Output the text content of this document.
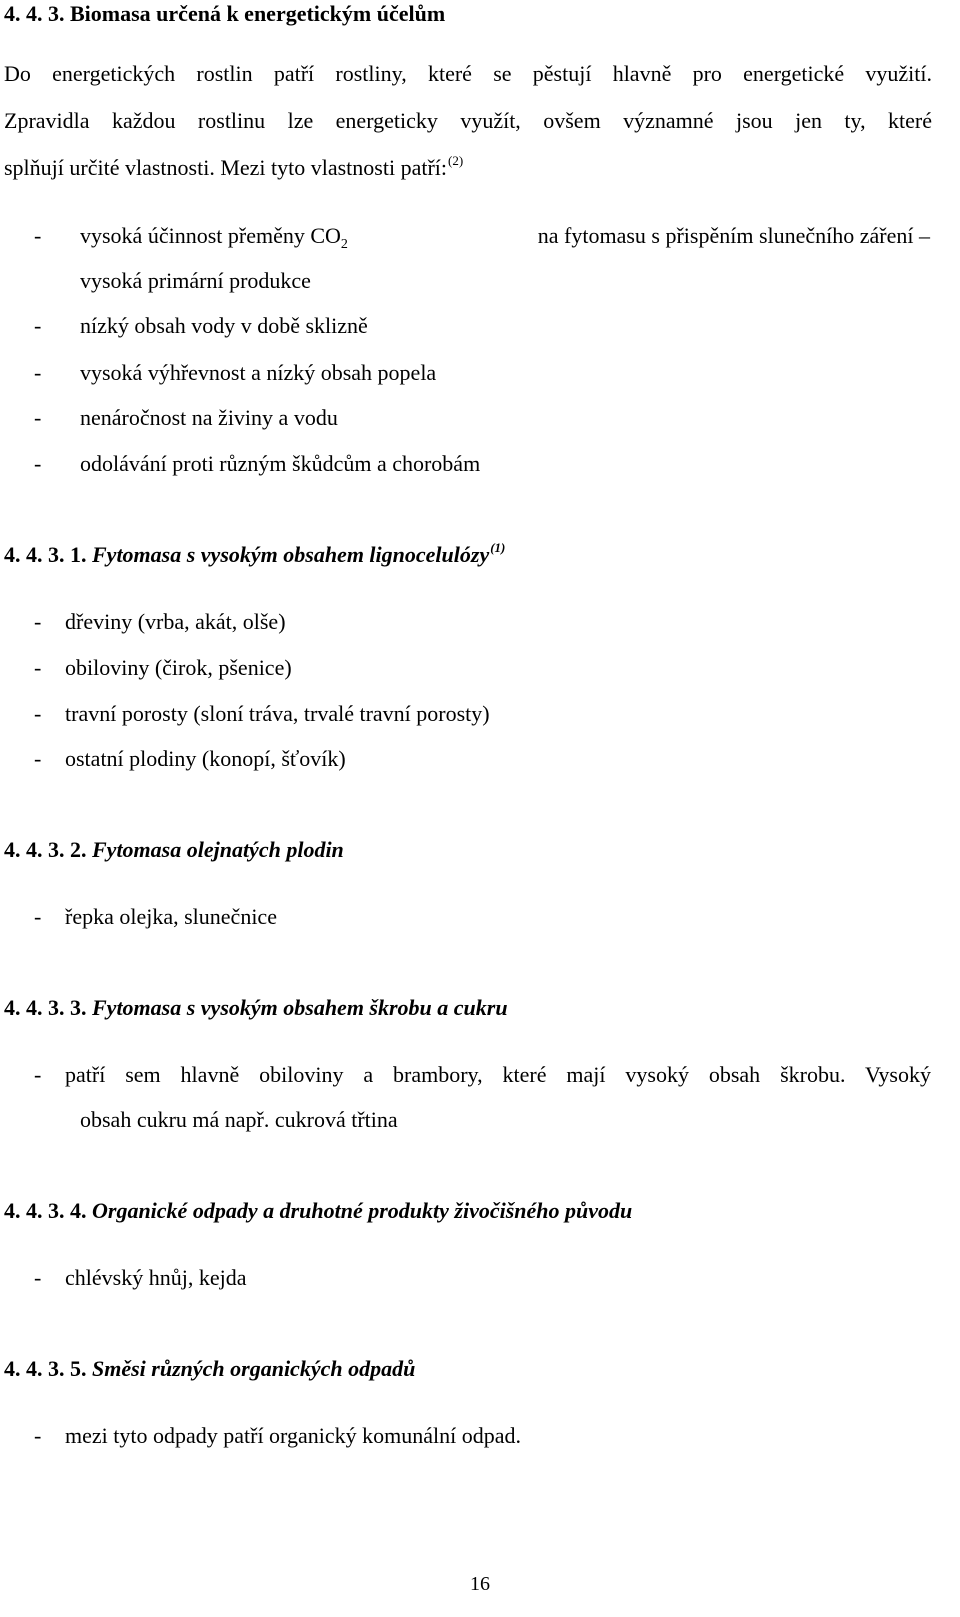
4. 4. 3. Biomasa určená k energetickým účelům
Do energetických rostlin patří rostliny, které se pěstují hlavně pro energetické využití.
Zpravidla každou rostlinu lze energeticky využít, ovšem významné jsou jen ty, které
splňují určité vlastnosti. Mezi tyto vlastnosti patří:$^{(2)}$
- vysoká účinnost přeměny $CO_2$	na fytomasu s přispěním slunečního záření –
vysoká primární produkce
- nízký obsah vody v době sklizně
- vysoká výhřevnost a nízký obsah popela
- nenáročnost na živiny a vodu
- odolávání proti různým škůdcům a chorobám
4. 4. 3. 1. Fytomasa s vysokým obsahem lignocelulózy$^{(1)}$
- dřeviny (vrba, akát, olše)
- obiloviny (čirok, pšenice)
- travní porosty (sloní tráva, trvalé travní porosty)
- ostatní plodiny (konopí, šťovík)
4. 4. 3. 2. Fytomasa olejnatých plodin
- řepka olejka, slunečnice
4. 4. 3. 3. Fytomasa s vysokým obsahem škrobu a cukru
- patří sem hlavně obiloviny a brambory, které mají vysoký obsah škrobu. Vysoký
obsah cukru má např. cukrová třtina
4. 4. 3. 4. Organické odpady a druhotné produkty živočišného původu
- chlévský hnůj, kejda
4. 4. 3. 5. Směsi různých organických odpadů
- mezi tyto odpady patří organický komunální odpad.
16
